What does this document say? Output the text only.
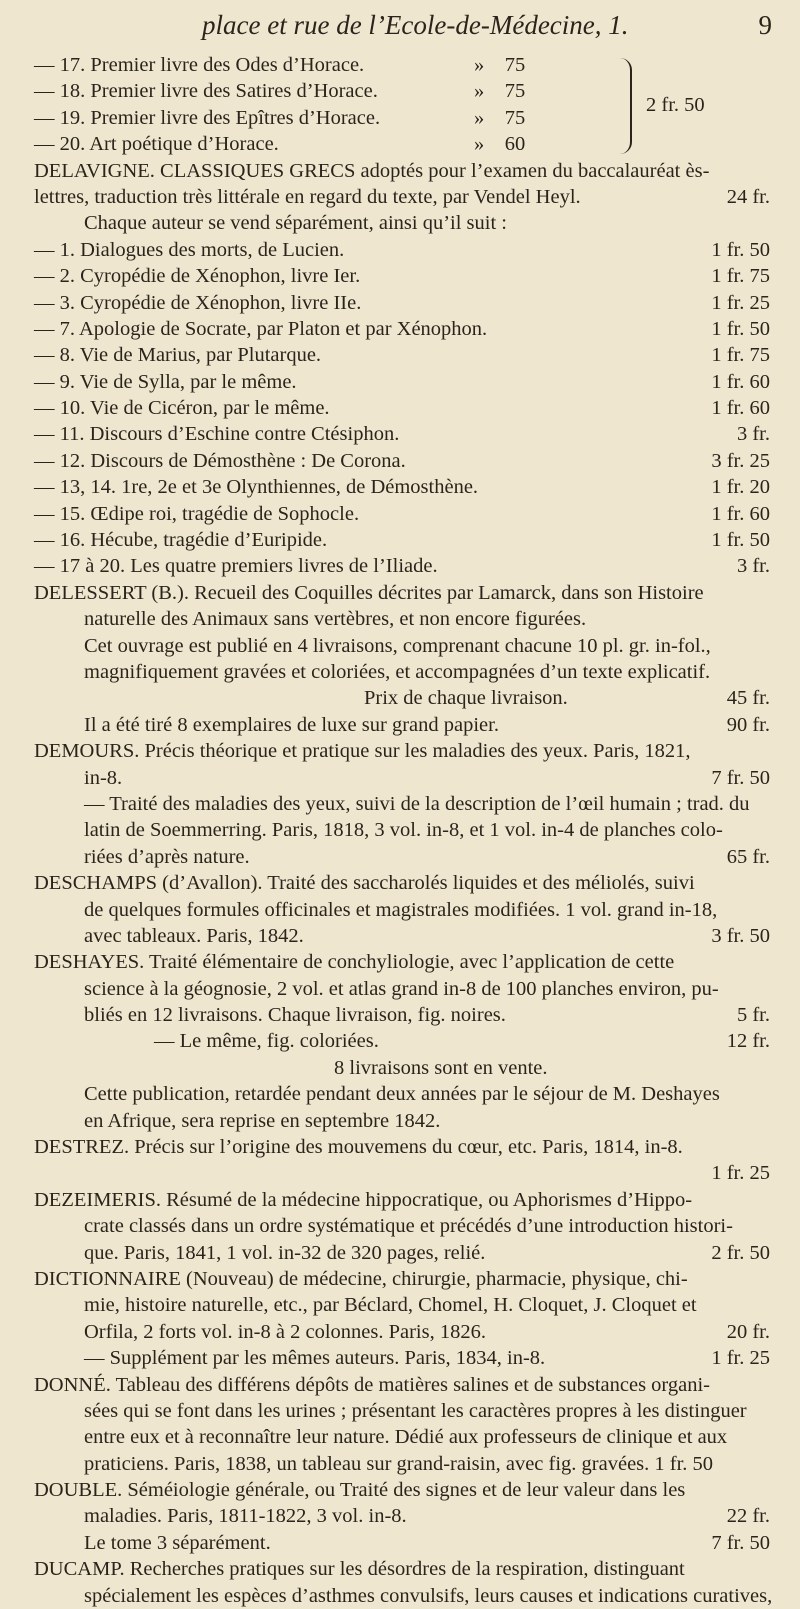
place et rue de l’Ecole-de-Médecine, 1.	9
2 fr. 50
— 17. Premier livre des Odes d’Horace.	»    75
— 18. Premier livre des Satires d’Horace.	»    75
— 19. Premier livre des Epîtres d’Horace.	»    75
— 20. Art poétique d’Horace.	»    60
DELAVIGNE. CLASSIQUES GRECS adoptés pour l’examen du baccalauréat ès-
lettres, traduction très littérale en regard du texte, par Vendel Heyl.	24 fr.
Chaque auteur se vend séparément, ainsi qu’il suit :
— 1. Dialogues des morts, de Lucien.	1 fr. 50
— 2. Cyropédie de Xénophon, livre Ier.	1 fr. 75
— 3. Cyropédie de Xénophon, livre IIe.	1 fr. 25
— 7. Apologie de Socrate, par Platon et par Xénophon.	1 fr. 50
— 8. Vie de Marius, par Plutarque.	1 fr. 75
— 9. Vie de Sylla, par le même.	1 fr. 60
— 10. Vie de Cicéron, par le même.	1 fr. 60
— 11. Discours d’Eschine contre Ctésiphon.	3 fr.
— 12. Discours de Démosthène : De Corona.	3 fr. 25
— 13, 14. 1re, 2e et 3e Olynthiennes, de Démosthène.	1 fr. 20
— 15. Œdipe roi, tragédie de Sophocle.	1 fr. 60
— 16. Hécube, tragédie d’Euripide.	1 fr. 50
— 17 à 20. Les quatre premiers livres de l’Iliade.	3 fr.
DELESSERT (B.). Recueil des Coquilles décrites par Lamarck, dans son Histoire
naturelle des Animaux sans vertèbres, et non encore figurées.
Cet ouvrage est publié en 4 livraisons, comprenant chacune 10 pl. gr. in-fol.,
magnifiquement gravées et coloriées, et accompagnées d’un texte explicatif.
Prix de chaque livraison.	45 fr.
Il a été tiré 8 exemplaires de luxe sur grand papier.	90 fr.
DEMOURS. Précis théorique et pratique sur les maladies des yeux. Paris, 1821,
in-8.	7 fr. 50
— Traité des maladies des yeux, suivi de la description de l’œil humain ; trad. du
latin de Soemmerring. Paris, 1818, 3 vol. in-8, et 1 vol. in-4 de planches colo-
riées d’après nature.	65 fr.
DESCHAMPS (d’Avallon). Traité des saccharolés liquides et des méliolés, suivi
de quelques formules officinales et magistrales modifiées. 1 vol. grand in-18,
avec tableaux. Paris, 1842.	3 fr. 50
DESHAYES. Traité élémentaire de conchyliologie, avec l’application de cette
science à la géognosie, 2 vol. et atlas grand in-8 de 100 planches environ, pu-
bliés en 12 livraisons. Chaque livraison, fig. noires.	5 fr.
— Le même, fig. coloriées.	12 fr.
8 livraisons sont en vente.
Cette publication, retardée pendant deux années par le séjour de M. Deshayes
en Afrique, sera reprise en septembre 1842.
DESTREZ. Précis sur l’origine des mouvemens du cœur, etc. Paris, 1814, in-8.
1 fr. 25
DEZEIMERIS. Résumé de la médecine hippocratique, ou Aphorismes d’Hippo-
crate classés dans un ordre systématique et précédés d’une introduction histori-
que. Paris, 1841, 1 vol. in-32 de 320 pages, relié.	2 fr. 50
DICTIONNAIRE (Nouveau) de médecine, chirurgie, pharmacie, physique, chi-
mie, histoire naturelle, etc., par Béclard, Chomel, H. Cloquet, J. Cloquet et
Orfila, 2 forts vol. in-8 à 2 colonnes. Paris, 1826.	20 fr.
— Supplément par les mêmes auteurs. Paris, 1834, in-8.	1 fr. 25
DONNÉ. Tableau des différens dépôts de matières salines et de substances organi-
sées qui se font dans les urines ; présentant les caractères propres à les distinguer
entre eux et à reconnaître leur nature. Dédié aux professeurs de clinique et aux
praticiens. Paris, 1838, un tableau sur grand-raisin, avec fig. gravées. 1 fr. 50
DOUBLE. Séméiologie générale, ou Traité des signes et de leur valeur dans les
maladies. Paris, 1811-1822, 3 vol. in-8.	22 fr.
Le tome 3 séparément.	7 fr. 50
DUCAMP. Recherches pratiques sur les désordres de la respiration, distinguant
spécialement les espèces d’asthmes convulsifs, leurs causes et indications curatives,
